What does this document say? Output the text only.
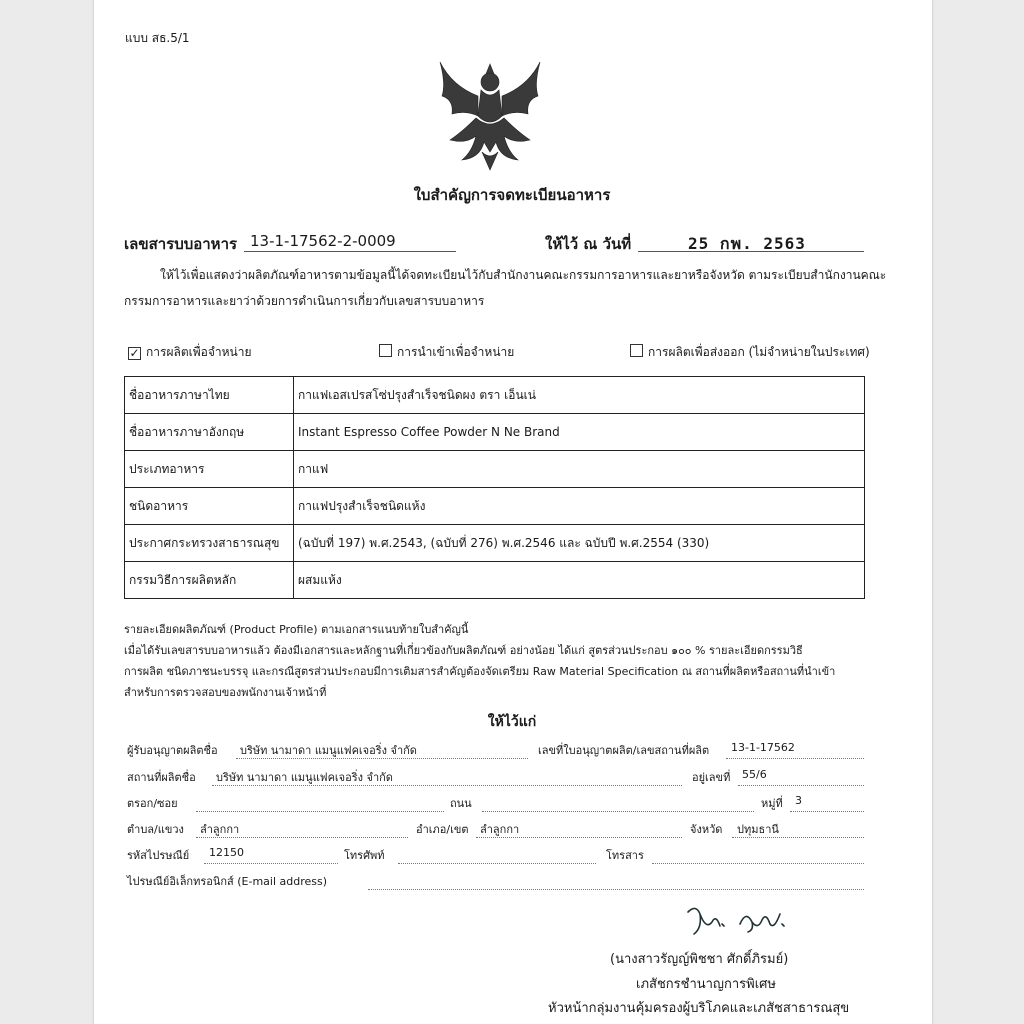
แบบ สธ.5/1
ใบสำคัญการจดทะเบียนอาหาร
เลขสารบบอาหาร 13-1-17562-2-0009	ให้ไว้ ณ วันที่	25 กพ. 2563
ให้ไว้เพื่อแสดงว่าผลิตภัณฑ์อาหารตามข้อมูลนี้ได้จดทะเบียนไว้กับสำนักงานคณะกรรมการอาหารและยาหรือจังหวัด ตามระเบียบสำนักงานคณะ
กรรมการอาหารและยาว่าด้วยการดำเนินการเกี่ยวกับเลขสารบบอาหาร
✓ การผลิตเพื่อจำหน่าย	การนำเข้าเพื่อจำหน่าย	การผลิตเพื่อส่งออก (ไม่จำหน่ายในประเทศ)
ชื่ออาหารภาษาไทย	กาแฟเอสเปรสโซ่ปรุงสำเร็จชนิดผง ตรา เอ็นเน่
ชื่ออาหารภาษาอังกฤษ	Instant Espresso Coffee Powder N Ne Brand
ประเภทอาหาร	กาแฟ
ชนิดอาหาร	กาแฟปรุงสำเร็จชนิดแห้ง
ประกาศกระทรวงสาธารณสุข	(ฉบับที่ 197) พ.ศ.2543, (ฉบับที่ 276) พ.ศ.2546 และ ฉบับปี พ.ศ.2554 (330)
กรรมวิธีการผลิตหลัก	ผสมแห้ง
รายละเอียดผลิตภัณฑ์ (Product Profile) ตามเอกสารแนบท้ายใบสำคัญนี้
เมื่อได้รับเลขสารบบอาหารแล้ว ต้องมีเอกสารและหลักฐานที่เกี่ยวข้องกับผลิตภัณฑ์ อย่างน้อย ได้แก่ สูตรส่วนประกอบ ๑๐๐ % รายละเอียดกรรมวิธี
การผลิต ชนิดภาชนะบรรจุ และกรณีสูตรส่วนประกอบมีการเติมสารสำคัญต้องจัดเตรียม Raw Material Specification ณ สถานที่ผลิตหรือสถานที่นำเข้า
สำหรับการตรวจสอบของพนักงานเจ้าหน้าที่
ให้ไว้แก่
ผู้รับอนุญาตผลิตชื่อ บริษัท นามาดา แมนูแฟคเจอริ่ง จำกัด	เลขที่ใบอนุญาตผลิต/เลขสถานที่ผลิต 13-1-17562
สถานที่ผลิตชื่อ บริษัท นามาดา แมนูแฟคเจอริ่ง จำกัด	อยู่เลขที่ 55/6
ตรอก/ซอย	ถนน	หมู่ที่ 3
ตำบล/แขวง ลำลูกกา	อำเภอ/เขต ลำลูกกา	จังหวัด ปทุมธานี
รหัสไปรษณีย์ 12150	โทรศัพท์	โทรสาร
ไปรษณีย์อิเล็กทรอนิกส์ (E-mail address)
(นางสาวรัญญ์พิชชา ศักดิ์ภิรมย์)
เภสัชกรชำนาญการพิเศษ
หัวหน้ากลุ่มงานคุ้มครองผู้บริโภคและเภสัชสาธารณสุข
